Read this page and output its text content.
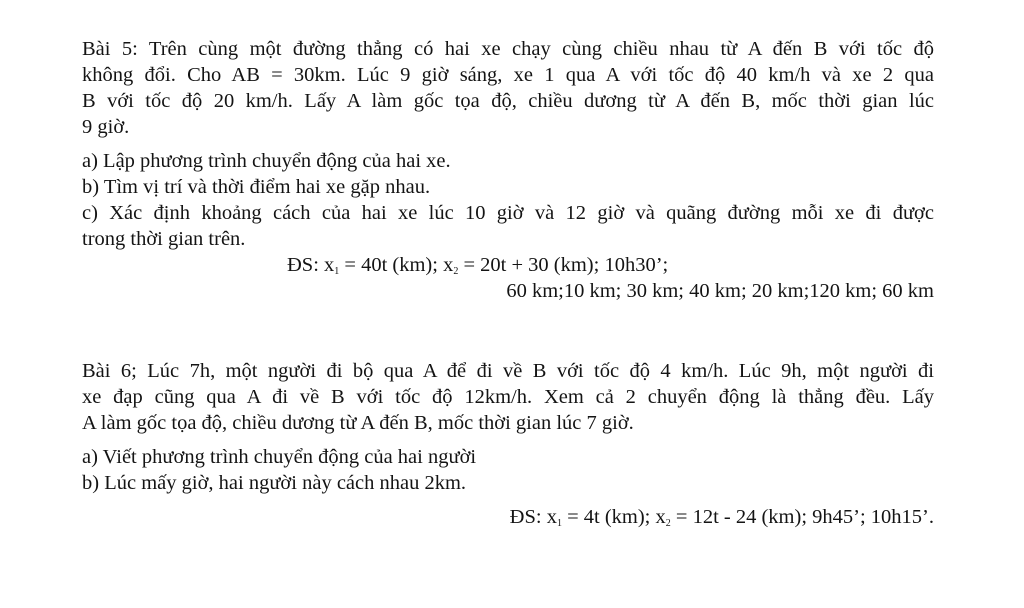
Bài 5: Trên cùng một đường thẳng có hai xe chạy cùng chiều nhau từ A đến B với tốc độ
không đổi. Cho AB = 30km. Lúc 9 giờ sáng, xe 1 qua A với tốc độ 40 km/h và xe 2 qua
B với tốc độ 20 km/h. Lấy A làm gốc tọa độ, chiều dương từ A đến B, mốc thời gian lúc
9 giờ.
a) Lập phương trình chuyển động của hai xe.
b) Tìm vị trí và thời điểm hai xe gặp nhau.
c) Xác định khoảng cách của hai xe lúc 10 giờ và 12 giờ và quãng đường mỗi xe đi được
trong thời gian trên.
ĐS: $x_1 = 40t$ (km); $x_2 = 20t + 30$ (km); 10h30’;
60 km;10 km; 30 km; 40 km; 20 km;120 km; 60 km
Bài 6; Lúc 7h, một người đi bộ qua A để đi về B với tốc độ 4 km/h. Lúc 9h, một người đi
xe đạp cũng qua A đi về B với tốc độ 12km/h. Xem cả 2 chuyển động là thẳng đều. Lấy
A làm gốc tọa độ, chiều dương từ A đến B, mốc thời gian lúc 7 giờ.
a) Viết phương trình chuyển động của hai người
b) Lúc mấy giờ, hai người này cách nhau 2km.
ĐS: $x_1 = 4t$ (km); $x_2 = 12t - 24$ (km); 9h45’; 10h15’.
